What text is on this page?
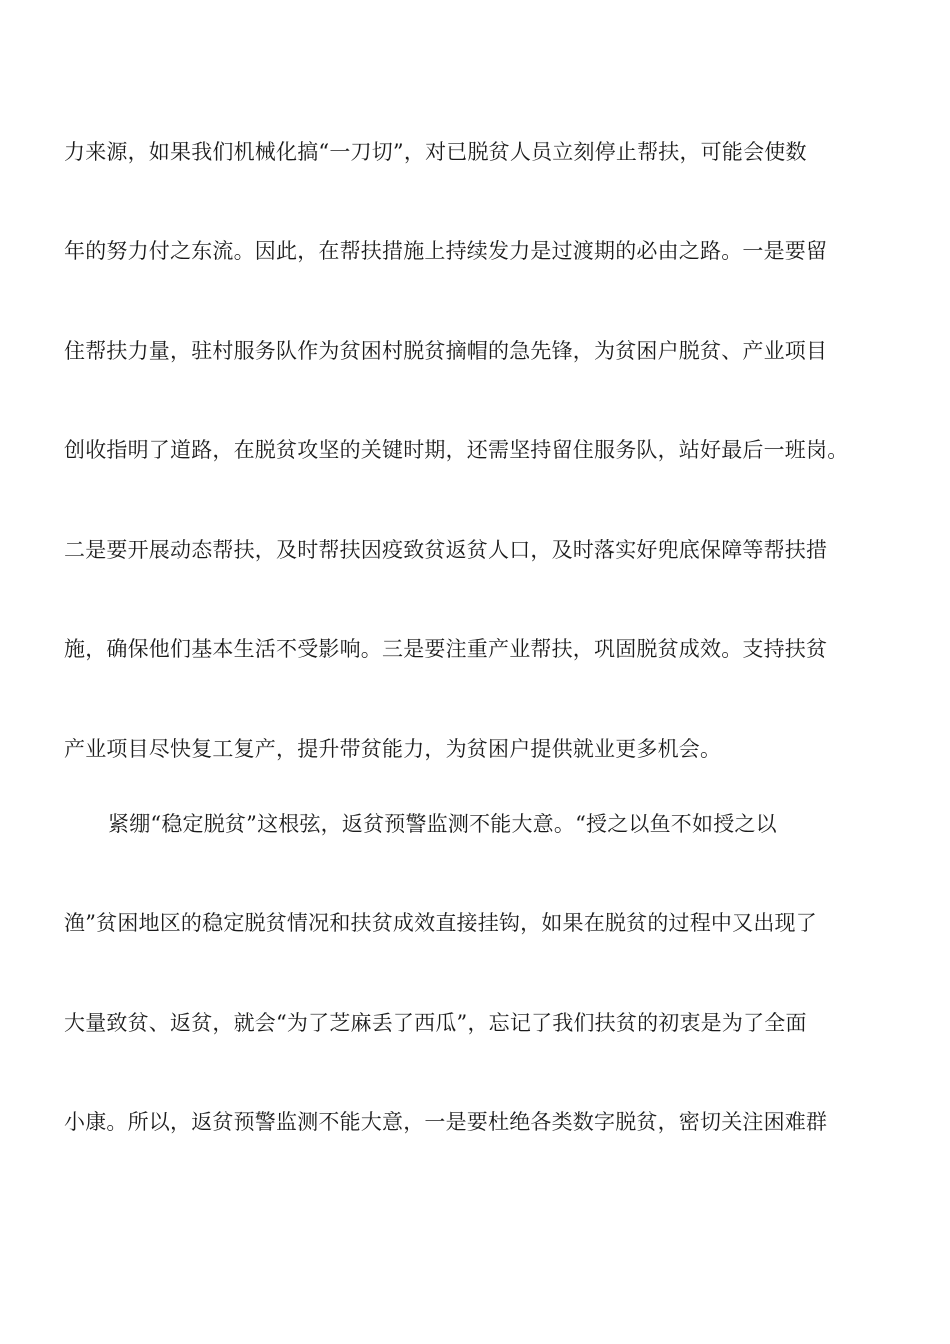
力来源，如果我们机械化搞“一刀切”，对已脱贫人员立刻停止帮扶，可能会使数
年的努力付之东流。因此，在帮扶措施上持续发力是过渡期的必由之路。一是要留
住帮扶力量，驻村服务队作为贫困村脱贫摘帽的急先锋，为贫困户脱贫、产业项目
创收指明了道路，在脱贫攻坚的关键时期，还需坚持留住服务队，站好最后一班岗。
二是要开展动态帮扶，及时帮扶因疫致贫返贫人口，及时落实好兜底保障等帮扶措
施，确保他们基本生活不受影响。三是要注重产业帮扶，巩固脱贫成效。支持扶贫
产业项目尽快复工复产，提升带贫能力，为贫困户提供就业更多机会。
紧绷“稳定脱贫”这根弦，返贫预警监测不能大意。“授之以鱼不如授之以
渔”贫困地区的稳定脱贫情况和扶贫成效直接挂钩，如果在脱贫的过程中又出现了
大量致贫、返贫，就会“为了芝麻丢了西瓜”，忘记了我们扶贫的初衷是为了全面
小康。所以，返贫预警监测不能大意，一是要杜绝各类数字脱贫，密切关注困难群
